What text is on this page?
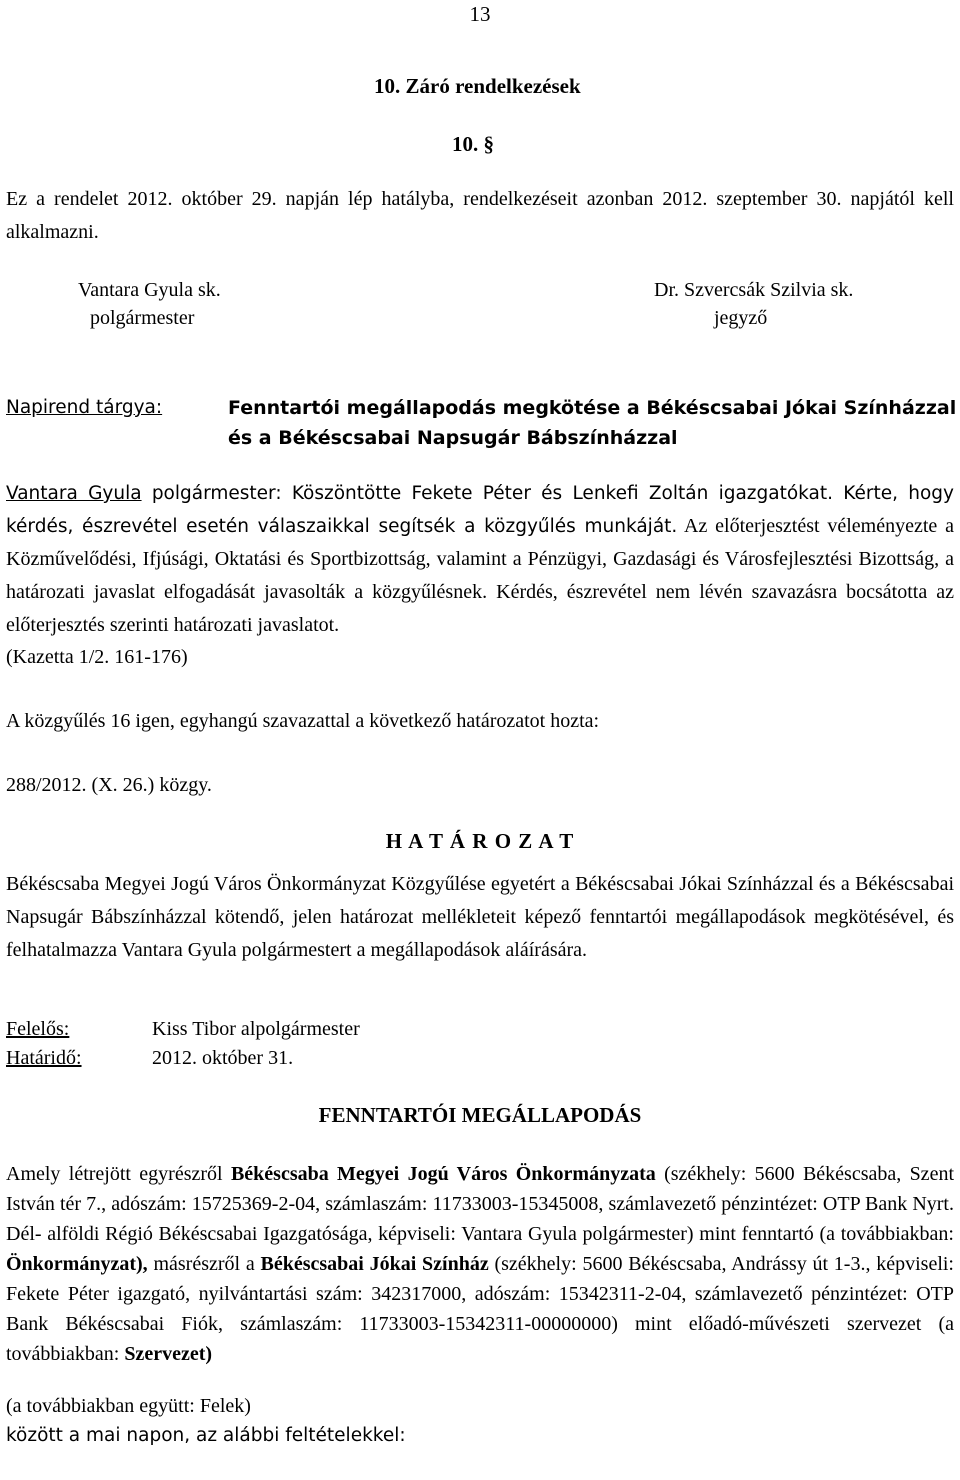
13
10. Záró rendelkezések
10. §
Ez a rendelet 2012. október 29. napján lép hatályba, rendelkezéseit azonban 2012. szeptember 30. napjától kell alkalmazni.
Vantara Gyula sk.
polgármester
Dr. Szvercsák Szilvia sk.
jegyző
Napirend tárgya:	Fenntartói megállapodás megkötése a Békéscsabai Jókai Színházzal
és a Békéscsabai Napsugár Bábszínházzal
Vantara Gyula polgármester: Köszöntötte Fekete Péter és Lenkefi Zoltán igazgatókat. Kérte, hogy kérdés, észrevétel esetén válaszaikkal segítsék a közgyűlés munkáját. Az előterjesztést véleményezte a Közművelődési, Ifjúsági, Oktatási és Sportbizottság, valamint a Pénzügyi, Gazdasági és Városfejlesztési Bizottság, a határozati javaslat elfogadását javasolták a közgyűlésnek. Kérdés, észrevétel nem lévén szavazásra bocsátotta az előterjesztés szerinti határozati javaslatot.
(Kazetta 1/2. 161-176)
A közgyűlés 16 igen, egyhangú szavazattal a következő határozatot hozta:
288/2012. (X. 26.) közgy.
H A T Á R O Z A T
Békéscsaba Megyei Jogú Város Önkormányzat Közgyűlése egyetért a Békéscsabai Jókai Színházzal és a Békéscsabai Napsugár Bábszínházzal kötendő, jelen határozat mellékleteit képező fenntartói megállapodások megkötésével, és felhatalmazza Vantara Gyula polgármestert a megállapodások aláírására.
Felelős:	Kiss Tibor alpolgármester
Határidő:	2012. október 31.
FENNTARTÓI MEGÁLLAPODÁS
Amely létrejött egyrészről Békéscsaba Megyei Jogú Város Önkormányzata (székhely: 5600 Békéscsaba, Szent István tér 7., adószám: 15725369-2-04, számlaszám: 11733003-15345008, számlavezető pénzintézet: OTP Bank Nyrt. Dél- alföldi Régió Békéscsabai Igazgatósága, képviseli: Vantara Gyula polgármester) mint fenntartó (a továbbiakban: Önkormányzat), másrészről a Békéscsabai Jókai Színház (székhely: 5600 Békéscsaba, Andrássy út 1-3., képviseli: Fekete Péter igazgató, nyilvántartási szám: 342317000, adószám: 15342311-2-04, számlavezető pénzintézet: OTP Bank Békéscsabai Fiók, számlaszám: 11733003-15342311-00000000) mint előadó-művészeti szervezet (a továbbiakban: Szervezet)
(a továbbiakban együtt: Felek)
között a mai napon, az alábbi feltételekkel:
